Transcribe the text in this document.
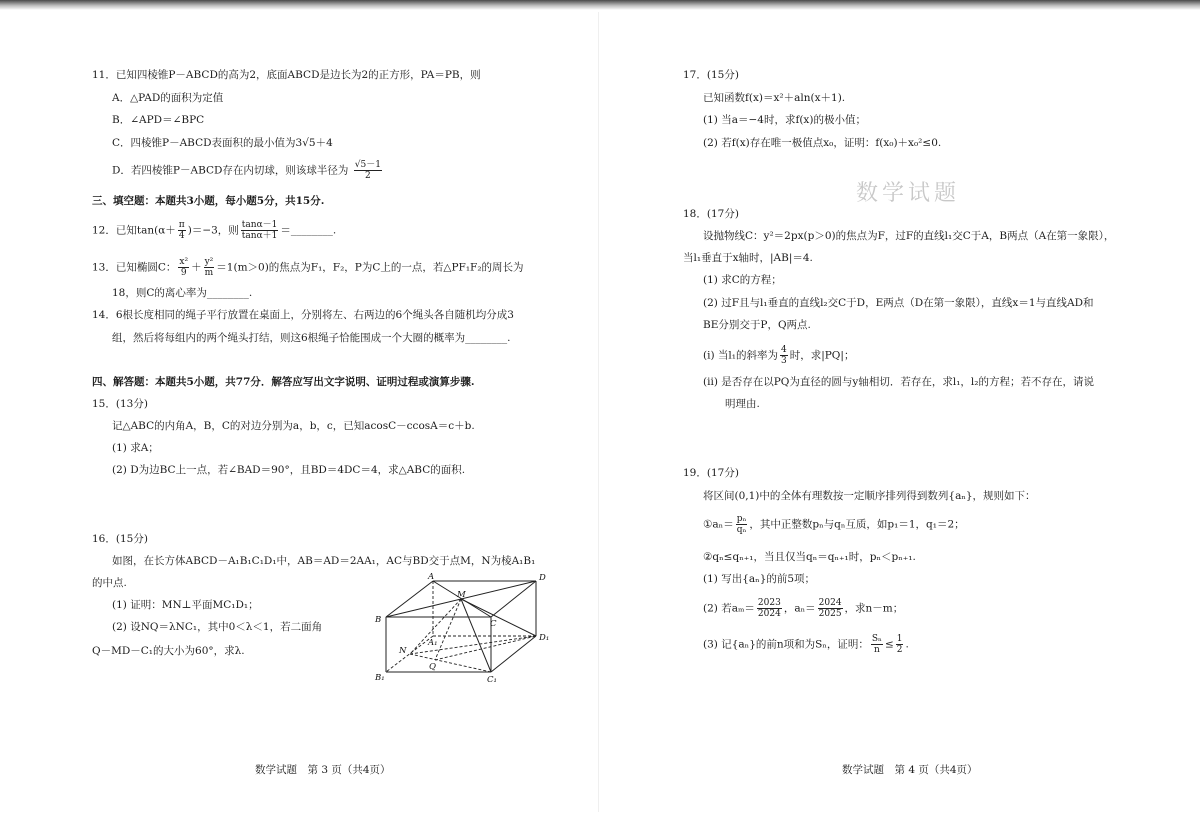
数学试题
11．已知四棱锥P－ABCD的高为2，底面ABCD是边长为2的正方形，PA＝PB，则
A．△PAD的面积为定值
B．∠APD＝∠BPC
C．四棱锥P－ABCD表面积的最小值为3√5＋4
D．若四棱锥P－ABCD存在内切球，则该球半径为 $\frac{√5-1}{2}$
三、填空题：本题共3小题，每小题5分，共15分.
12．已知$\tan(\alpha+ \frac{\pi}{4} )=-3$，则 $\frac{\tan\alpha-1}{\tan\alpha+1}$ ＝________.
13．已知椭圆C： $\frac{\text{x²}}{9} + \frac{\text{y²}}{m} =1(m>0)$的焦点为F₁，F₂，P为C上的一点，若△PF₁F₂的周长为
18，则C的离心率为________.
14．6根长度相同的绳子平行放置在桌面上，分别将左、右两边的6个绳头各自随机均分成3
组，然后将每组内的两个绳头打结，则这6根绳子恰能围成一个大圈的概率为________.
四、解答题：本题共5小题，共77分．解答应写出文字说明、证明过程或演算步骤.
15．(13分)
记△ABC的内角A，B，C的对边分别为a，b，c，已知acosC－ccosA＝c＋b.
(1) 求A；
(2) D为边BC上一点，若∠BAD＝90°，且BD＝4DC＝4，求△ABC的面积.
16．(15分)
如图，在长方体ABCD－A₁B₁C₁D₁中，AB＝AD＝2AA₁，AC与BD交于点M，N为棱A₁B₁
的中点.
(1) 证明：MN⊥平面MC₁D₁；
(2) 设NQ＝λNC₁，其中0＜λ＜1，若二面角
Q－MD－C₁的大小为60°，求λ.
A	D
M
B	C
D₁
N
A₁
Q
B₁	C₁
数学试题　第 3 页（共4页）
17．(15分)
已知函数f(x)＝x²＋aln(x＋1).
(1) 当a＝−4时，求f(x)的极小值；
(2) 若f(x)存在唯一极值点x₀，证明：f(x₀)＋x₀²≤0.
18．(17分)
设抛物线C：y²＝2px(p＞0)的焦点为F，过F的直线l₁交C于A，B两点（A在第一象限），
当l₁垂直于x轴时，|AB|＝4.
(1) 求C的方程；
(2) 过F且与l₁垂直的直线l₂交C于D，E两点（D在第一象限），直线x＝1与直线AD和
BE分别交于P，Q两点.
(i) 当l₁的斜率为 $\frac{4}{3}$ 时，求|PQ|；
(ii) 是否存在以PQ为直径的圆与y轴相切．若存在，求l₁，l₂的方程；若不存在，请说
明理由.
19．(17分)
将区间(0,1)中的全体有理数按一定顺序排列得到数列{aₙ}，规则如下：
①aₙ＝ $\frac{\text{pₙ}}{\text{qₙ}}$ ，其中正整数pₙ与qₙ互质，如p₁＝1，q₁＝2；
②qₙ≤qₙ₊₁，当且仅当qₙ＝qₙ₊₁时，pₙ＜pₙ₊₁.
(1) 写出{aₙ}的前5项；
(2) 若$a_m= \frac{2023}{2024}$ ，$a_n= \frac{2024}{2025}$ ，求n－m；
(3) 记{aₙ}的前n项和为Sₙ，证明： $\frac{\text{Sₙ}}{n} \le \frac{1}{2}$ .
数学试题　第 4 页（共4页）
